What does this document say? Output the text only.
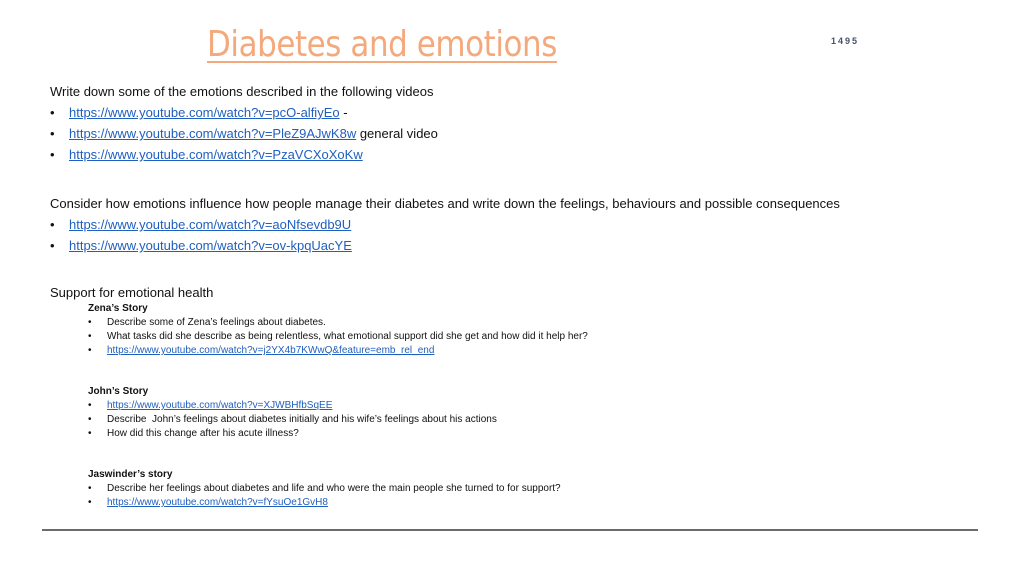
Diabetes and emotions	1495
Write down some of the emotions described in the following videos
•	https://www.youtube.com/watch?v=pcO-alfiyEo -
•	https://www.youtube.com/watch?v=PleZ9AJwK8w general video
•	https://www.youtube.com/watch?v=PzaVCXoXoKw
Consider how emotions influence how people manage their diabetes and write down the feelings, behaviours and possible consequences
•	https://www.youtube.com/watch?v=aoNfsevdb9U
•	https://www.youtube.com/watch?v=ov-kpqUacYE
Support for emotional health
Zena’s Story
•	Describe some of Zena’s feelings about diabetes.
•	What tasks did she describe as being relentless, what emotional support did she get and how did it help her?
•	https://www.youtube.com/watch?v=j2YX4b7KWwQ&feature=emb_rel_end
John’s Story
•	https://www.youtube.com/watch?v=XJWBHfbSqEE
•	Describe  John’s feelings about diabetes initially and his wife’s feelings about his actions
•	How did this change after his acute illness?
Jaswinder’s story
•	Describe her feelings about diabetes and life and who were the main people she turned to for support?
•	https://www.youtube.com/watch?v=fYsuOe1GvH8
